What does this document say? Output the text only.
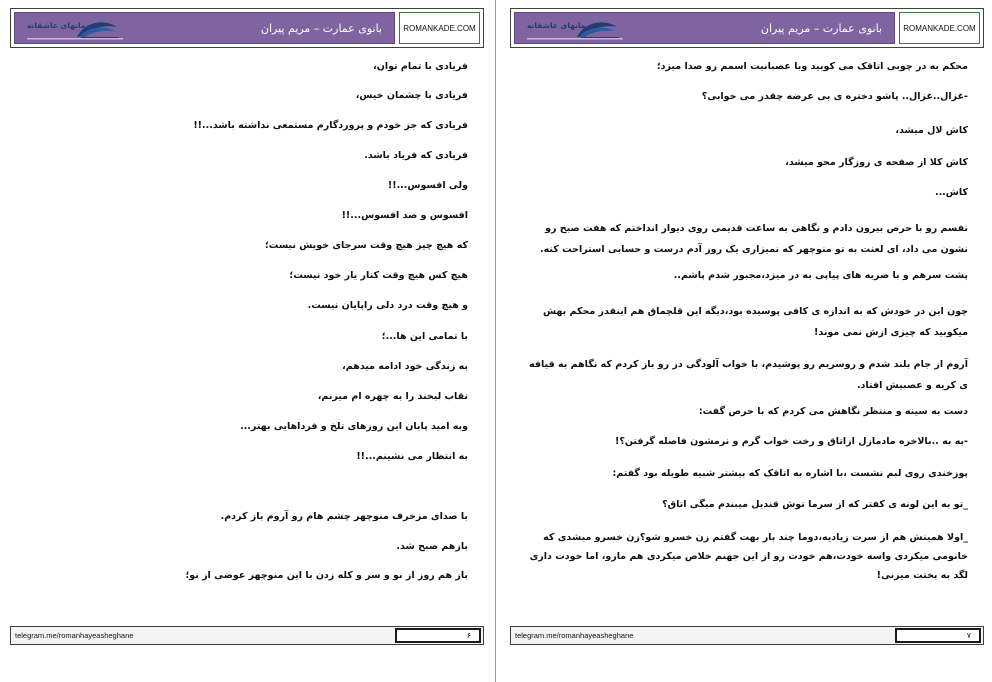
رمانهای عاشقانه	بانوی عمارت – مریم پیران	ROMANKADE.COM

فریادی با تمام توان،

فریادی با چشمان خیس،

فریادی که جز خودم و پروردگارم مستمعی نداشته باشد...!!

فریادی که فریاد باشد.

ولی افسوس...!!

افسوس و صد افسوس...!!

که هیچ چیز هیچ وقت سرجای خویش نیست؛

هیچ کس هیچ وقت کنار یار خود نیست؛

و هیچ وقت درد دلی راپایان نیست.

با تمامی این ها...؛

به زندگی خود ادامه میدهم،

نقاب لبخند را به چهره ام میزنم،

وبه امید پایان این روزهای تلخ و فرداهایی بهتر...

به انتظار می نشینم...!!

با صدای مزخرف منوچهر چشم هام رو آروم باز کردم.

بازهم صبح شد.

باز هم روز از نو و سر و کله زدن با این منوچهر عوضی از نو؛

telegram.me/romanhayeasheghane	۶
رمانهای عاشقانه	بانوی عمارت – مریم پیران	ROMANKADE.COM

محکم به در چوبی اتاقک می کوبید وبا عصبانیت اسمم رو صدا میزد؛

-غزال..غزال.. پاشو دختره ی بی عرضه چقدر می خوابی؟

کاش لال میشد،

کاش کلا از صفحه ی روزگار محو میشد،

کاش...

نفسم رو با حرص بیرون دادم و نگاهی به ساعت قدیمی روی دیوار انداختم که هفت صبح رو نشون می داد، ای لعنت به تو منوچهر که نمیزاری یک روز آدم درست و حسابی استراحت کنه.

پشت سرهم و با ضربه های پیاپی به در میزد،مجبور شدم پاشم..

چون این در خودش که به اندازه ی کافی پوسیده بود،دیگه این قلچماق هم اینقدر محکم بهش میکوبید که چیزی ازش نمی موند!

آروم از جام بلند شدم و روسریم رو پوشیدم، با خواب آلودگی در رو باز کردم که نگاهم به قیافه ی کریه و عصبیش افتاد.

دست به سینه و منتظر نگاهش می کردم که با حرص گفت:

-به به ..بالاخره مادمازل ازاتاق و رخت خواب گرم و نرمشون فاصله گرفتن؟!

پوزخندی روی لبم نشست ،با اشاره به اتاقک که بیشتر شبیه طویله بود گفتم:

_تو به این لونه ی کفتر که از سرما توش قندیل میبندم میگی اتاق؟

_اولا همینش هم از سرت زیادیه،دوما چند بار بهت گفتم زن خسرو شو؟زن خسرو میشدی که خانومی میکردی واسه خودت،هم خودت رو از این جهنم خلاص میکردی هم مارو، اما خودت داری لگد به بختت میزنی!

telegram.me/romanhayeasheghane	۷
